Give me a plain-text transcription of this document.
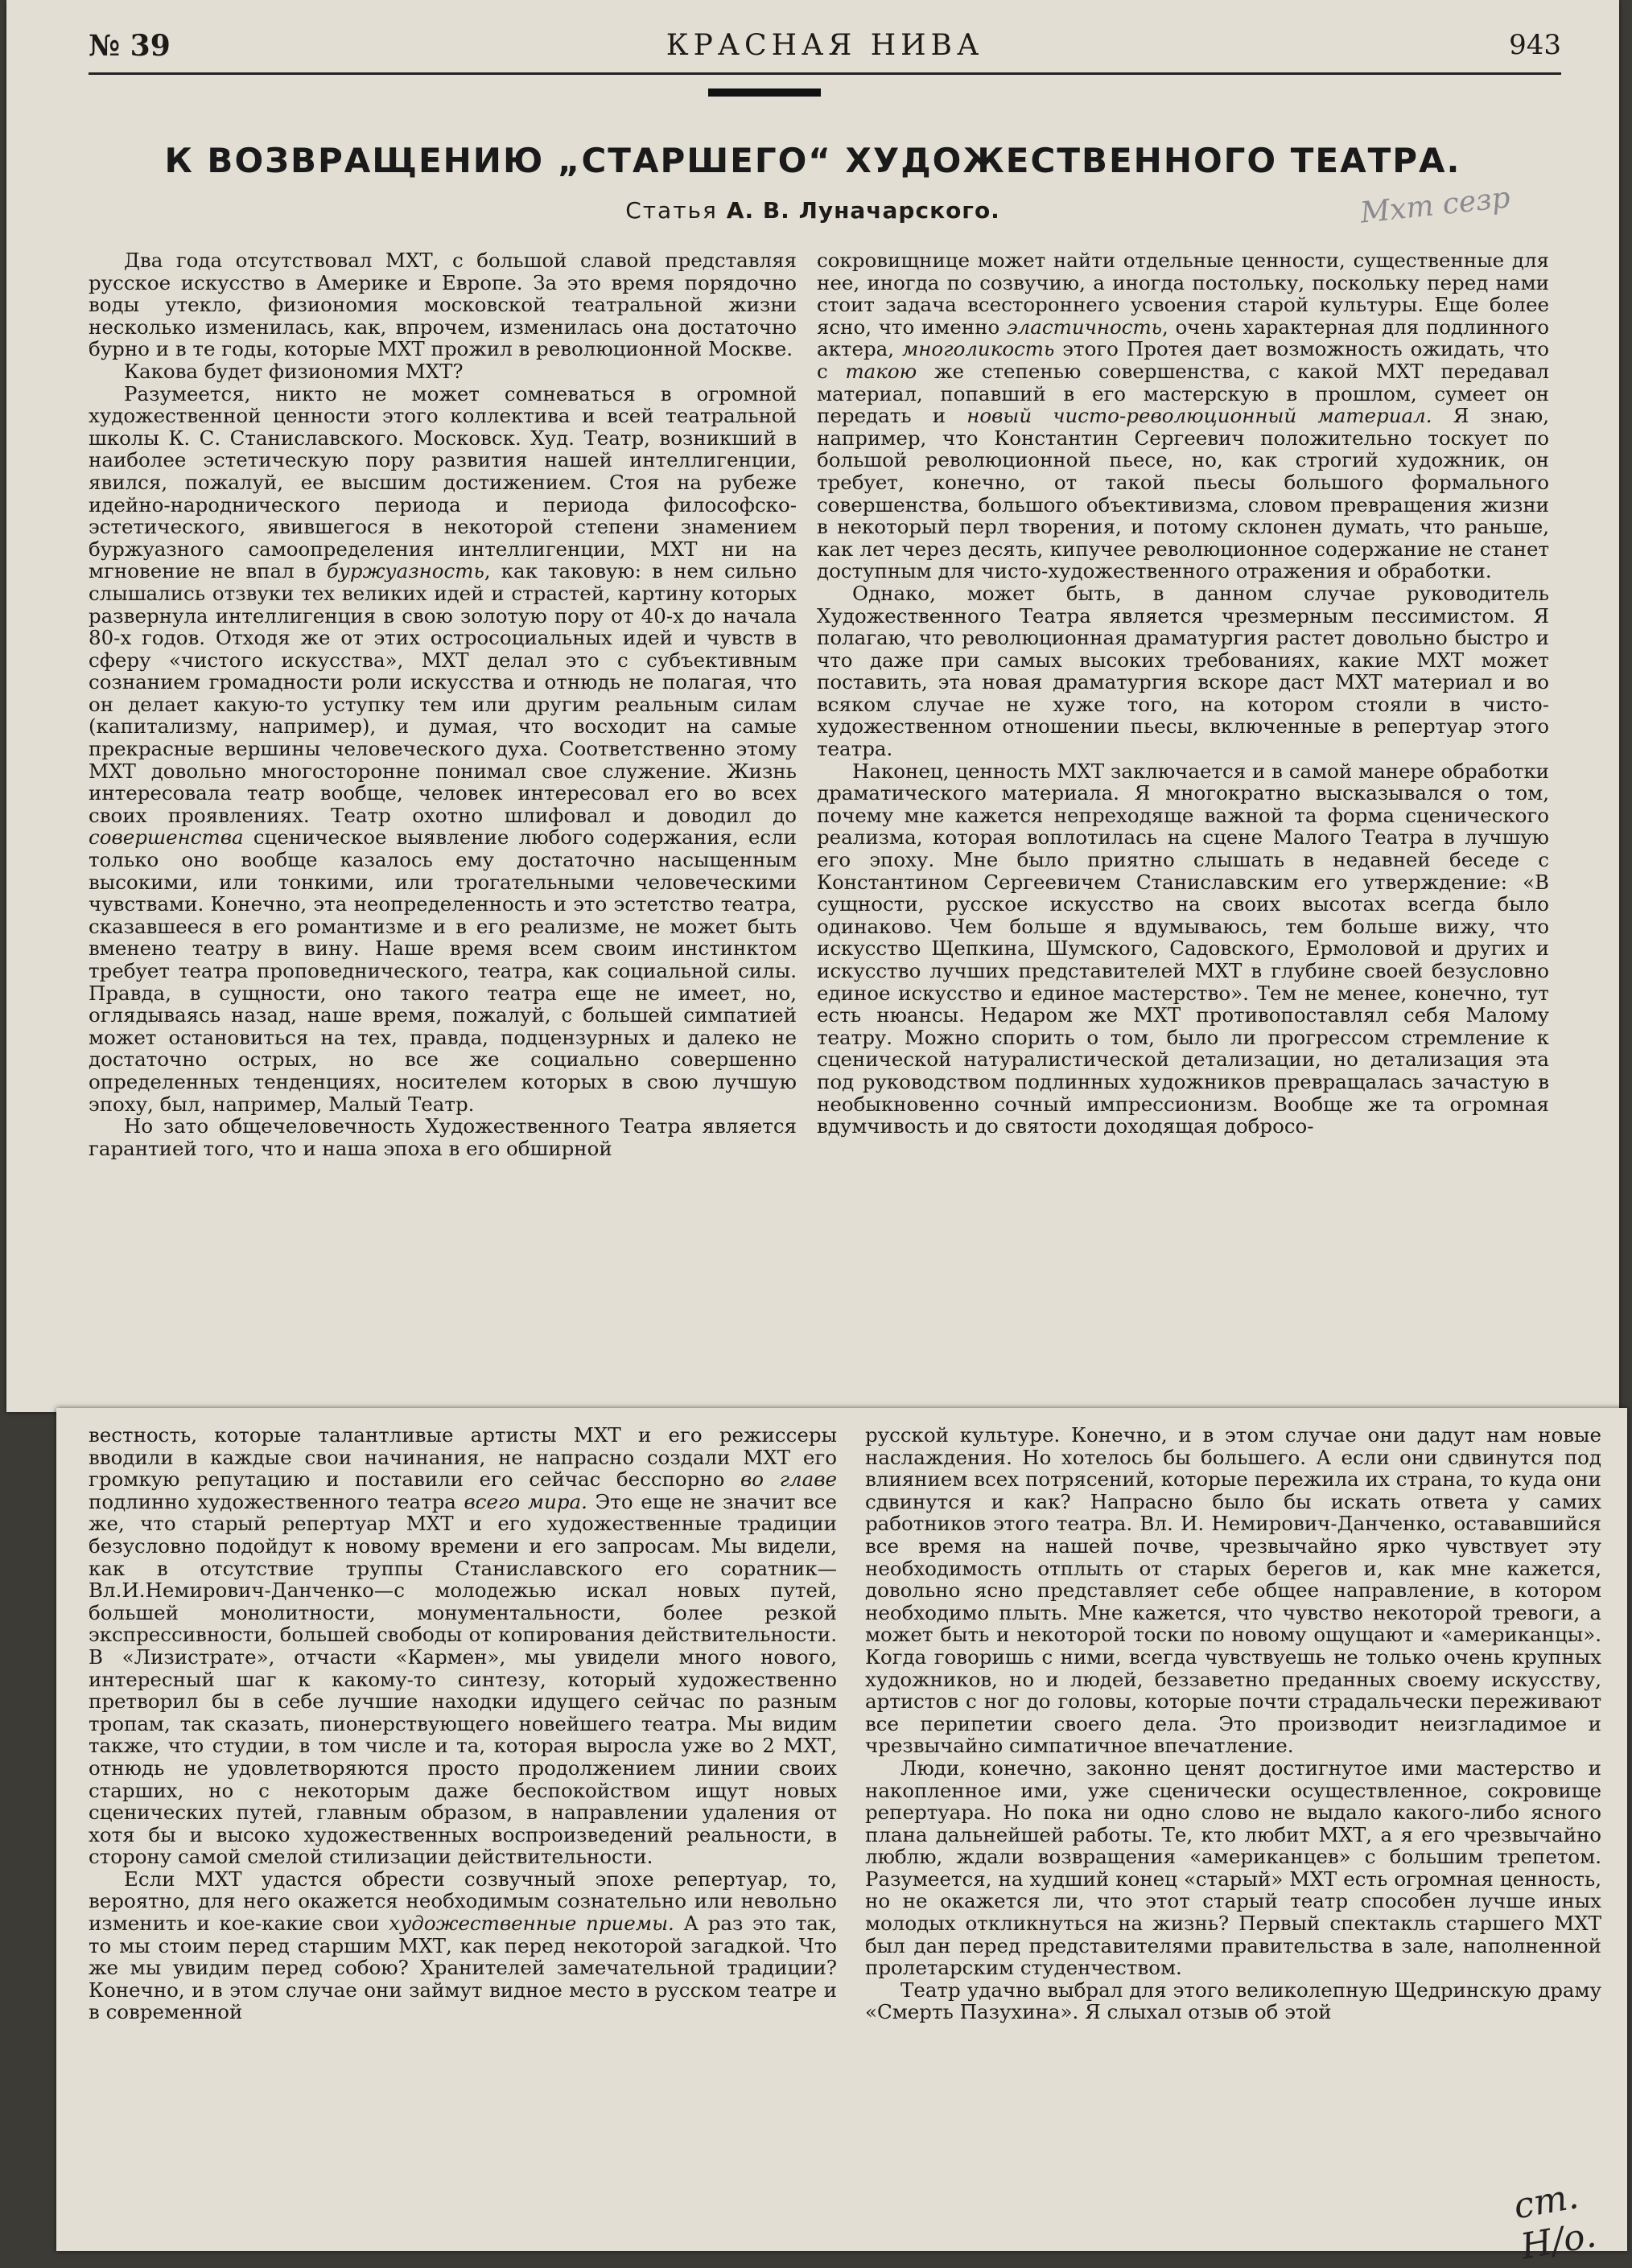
№ 39	КРАСНАЯ НИВА	943
К ВОЗВРАЩЕНИЮ „СТАРШЕГО“ ХУДОЖЕСТВЕННОГО ТЕАТРА.
Статья А. В. Луначарского.	Мхт сезр

Два года отсутствовал МХТ, с большой славой представляя русское искусство в Америке и Европе. За это время порядочно воды утекло, физиономия московской театральной жизни несколько изменилась, как, впрочем, изменилась она достаточно бурно и в те годы, которые МХТ прожил в революционной Москве.

Какова будет физиономия МХТ?

Разумеется, никто не может сомневаться в огромной художественной ценности этого коллектива и всей театральной школы К. С. Станиславского. Московск. Худ. Театр, возникший в наиболее эстетическую пору развития нашей интеллигенции, явился, пожалуй, ее высшим достижением. Стоя на рубеже идейно-народнического периода и периода философско-эстетического, явившегося в некоторой степени знамением буржуазного самоопределения интеллигенции, МХТ ни на мгновение не впал в буржуазность, как таковую: в нем сильно слышались отзвуки тех великих идей и страстей, картину которых развернула интеллигенция в свою золотую пору от 40-х до начала 80-х годов. Отходя же от этих остросоциальных идей и чувств в сферу «чистого искусства», МХТ делал это с субъективным сознанием громадности роли искусства и отнюдь не полагая, что он делает какую-то уступку тем или другим реальным силам (капитализму, например), и думая, что восходит на самые прекрасные вершины человеческого духа. Соответственно этому МХТ довольно многосторонне понимал свое служение. Жизнь интересовала театр вообще, человек интересовал его во всех своих проявлениях. Театр охотно шлифовал и доводил до совершенства сценическое выявление любого содержания, если только оно вообще казалось ему достаточно насыщенным высокими, или тонкими, или трогательными человеческими чувствами. Конечно, эта неопределенность и это эстетство театра, сказавшееся в его романтизме и в его реализме, не может быть вменено театру в вину. Наше время всем своим инстинктом требует театра проповеднического, театра, как социальной силы. Правда, в сущности, оно такого театра еще не имеет, но, оглядываясь назад, наше время, пожалуй, с большей симпатией может остановиться на тех, правда, подцензурных и далеко не достаточно острых, но все же социально совершенно определенных тенденциях, носителем которых в свою лучшую эпоху, был, например, Малый Театр.

Но зато общечеловечность Художественного Театра является гарантией того, что и наша эпоха в его обширной

сокровищнице может найти отдельные ценности, существенные для нее, иногда по созвучию, а иногда постольку, поскольку перед нами стоит задача всестороннего усвоения старой культуры. Еще более ясно, что именно эластичность, очень характерная для подлинного актера, многоликость этого Протея дает возможность ожидать, что с такою же степенью совершенства, с какой МХТ передавал материал, попавший в его мастерскую в прошлом, сумеет он передать и новый чисто-революционный материал. Я знаю, например, что Константин Сергеевич положительно тоскует по большой революционной пьесе, но, как строгий художник, он требует, конечно, от такой пьесы большого формального совершенства, большого объективизма, словом превращения жизни в некоторый перл творения, и потому склонен думать, что раньше, как лет через десять, кипучее революционное содержание не станет доступным для чисто-художественного отражения и обработки.

Однако, может быть, в данном случае руководитель Художественного Театра является чрезмерным пессимистом. Я полагаю, что революционная драматургия растет довольно быстро и что даже при самых высоких требованиях, какие МХТ может поставить, эта новая драматургия вскоре даст МХТ материал и во всяком случае не хуже того, на котором стояли в чисто-художественном отношении пьесы, включенные в репертуар этого театра.

Наконец, ценность МХТ заключается и в самой манере обработки драматического материала. Я многократно высказывался о том, почему мне кажется непреходяще важной та форма сценического реализма, которая воплотилась на сцене Малого Театра в лучшую его эпоху. Мне было приятно слышать в недавней беседе с Константином Сергеевичем Станиславским его утверждение: «В сущности, русское искусство на своих высотах всегда было одинаково. Чем больше я вдумываюсь, тем больше вижу, что искусство Щепкина, Шумского, Садовского, Ермоловой и других и искусство лучших представителей МХТ в глубине своей безусловно единое искусство и единое мастерство». Тем не менее, конечно, тут есть нюансы. Недаром же МХТ противопоставлял себя Малому театру. Можно спорить о том, было ли прогрессом стремление к сценической натуралистической детализации, но детализация эта под руководством подлинных художников превращалась зачастую в необыкновенно сочный импрессионизм. Вообще же та огромная вдумчивость и до святости доходящая добросо-

вестность, которые талантливые артисты МХТ и его режиссеры вводили в каждые свои начинания, не напрасно создали МХТ его громкую репутацию и поставили его сейчас бесспорно во главе подлинно художественного театра всего мира. Это еще не значит все же, что старый репертуар МХТ и его художественные традиции безусловно подойдут к новому времени и его запросам. Мы видели, как в отсутствие труппы Станиславского его соратник—Вл.И.Немирович-Данченко—с молодежью искал новых путей, большей монолитности, монументальности, более резкой экспрессивности, большей свободы от копирования действительности. В «Лизистрате», отчасти «Кармен», мы увидели много нового, интересный шаг к какому-то синтезу, который художественно претворил бы в себе лучшие находки идущего сейчас по разным тропам, так сказать, пионерствующего новейшего театра. Мы видим также, что студии, в том числе и та, которая выросла уже во 2 МХТ, отнюдь не удовлетворяются просто продолжением линии своих старших, но с некоторым даже беспокойством ищут новых сценических путей, главным образом, в направлении удаления от хотя бы и высоко художественных воспроизведений реальности, в сторону самой смелой стилизации действительности.

Если МХТ удастся обрести созвучный эпохе репертуар, то, вероятно, для него окажется необходимым сознательно или невольно изменить и кое-какие свои художественные приемы. А раз это так, то мы стоим перед старшим МХТ, как перед некоторой загадкой. Что же мы увидим перед собою? Хранителей замечательной традиции? Конечно, и в этом случае они займут видное место в русском театре и в современной

русской культуре. Конечно, и в этом случае они дадут нам новые наслаждения. Но хотелось бы большего. А если они сдвинутся под влиянием всех потрясений, которые пережила их страна, то куда они сдвинутся и как? Напрасно было бы искать ответа у самих работников этого театра. Вл. И. Немирович-Данченко, остававшийся все время на нашей почве, чрезвычайно ярко чувствует эту необходимость отплыть от старых берегов и, как мне кажется, довольно ясно представляет себе общее направление, в котором необходимо плыть. Мне кажется, что чувство некоторой тревоги, а может быть и некоторой тоски по новому ощущают и «американцы». Когда говоришь с ними, всегда чувствуешь не только очень крупных художников, но и людей, беззаветно преданных своему искусству, артистов с ног до головы, которые почти страдальчески переживают все перипетии своего дела. Это производит неизгладимое и чрезвычайно симпатичное впечатление.

Люди, конечно, законно ценят достигнутое ими мастерство и накопленное ими, уже сценически осуществленное, сокровище репертуара. Но пока ни одно слово не выдало какого-либо ясного плана дальнейшей работы. Те, кто любит МХТ, а я его чрезвычайно люблю, ждали возвращения «американцев» с большим трепетом. Разумеется, на худший конец «старый» МХТ есть огромная ценность, но не окажется ли, что этот старый театр способен лучше иных молодых откликнуться на жизнь? Первый спектакль старшего МХТ был дан перед представителями правительства в зале, наполненной пролетарским студенчеством.

Театр удачно выбрал для этого великолепную Щедринскую драму «Смерть Пазухина». Я слыхал отзыв об этой

ст. Н/о.
